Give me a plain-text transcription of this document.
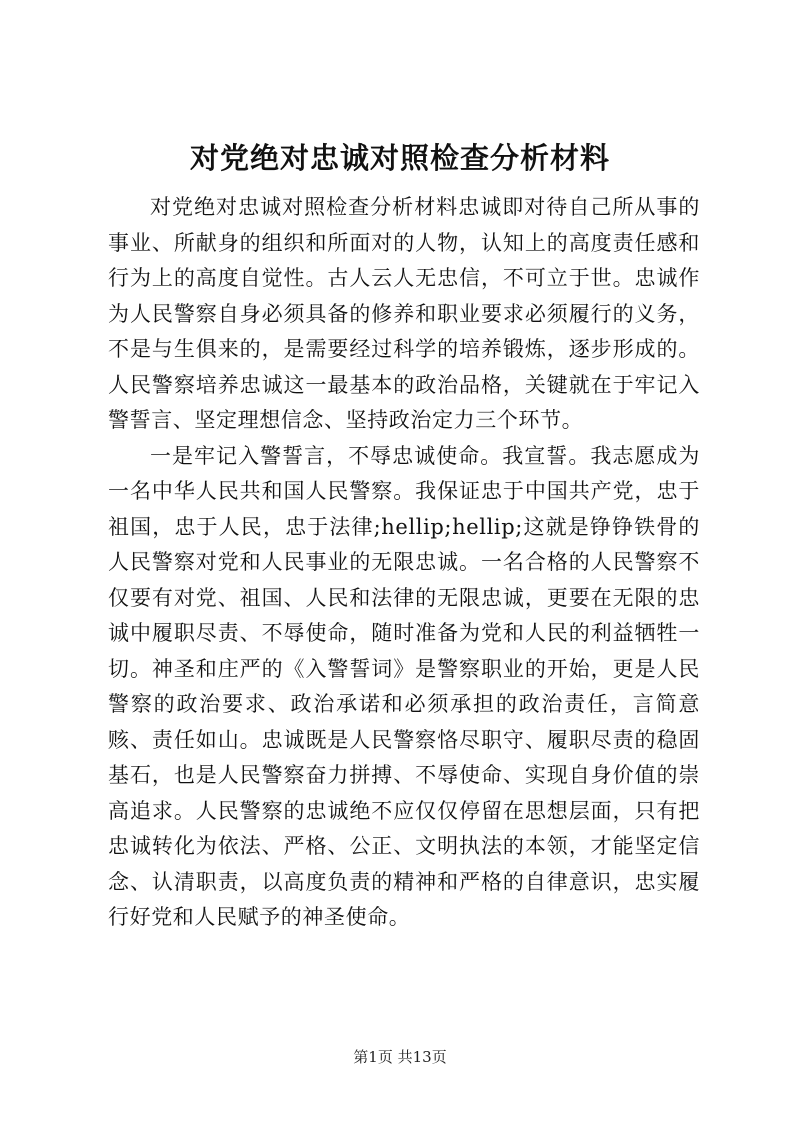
对党绝对忠诚对照检查分析材料

对党绝对忠诚对照检查分析材料忠诚即对待自己所从事的事业、所献身的组织和所面对的人物，认知上的高度责任感和行为上的高度自觉性。古人云人无忠信，不可立于世。忠诚作为人民警察自身必须具备的修养和职业要求必须履行的义务，不是与生俱来的，是需要经过科学的培养锻炼，逐步形成的。人民警察培养忠诚这一最基本的政治品格，关键就在于牢记入警誓言、坚定理想信念、坚持政治定力三个环节。

一是牢记入警誓言，不辱忠诚使命。我宣誓。我志愿成为一名中华人民共和国人民警察。我保证忠于中国共产党，忠于祖国，忠于人民，忠于法律;hellip;hellip;这就是铮铮铁骨的人民警察对党和人民事业的无限忠诚。一名合格的人民警察不仅要有对党、祖国、人民和法律的无限忠诚，更要在无限的忠诚中履职尽责、不辱使命，随时准备为党和人民的利益牺牲一切。神圣和庄严的《入警誓词》是警察职业的开始，更是人民警察的政治要求、政治承诺和必须承担的政治责任，言简意赅、责任如山。忠诚既是人民警察恪尽职守、履职尽责的稳固基石，也是人民警察奋力拼搏、不辱使命、实现自身价值的崇高追求。人民警察的忠诚绝不应仅仅停留在思想层面，只有把忠诚转化为依法、严格、公正、文明执法的本领，才能坚定信念、认清职责，以高度负责的精神和严格的自律意识，忠实履行好党和人民赋予的神圣使命。

第1页 共13页
